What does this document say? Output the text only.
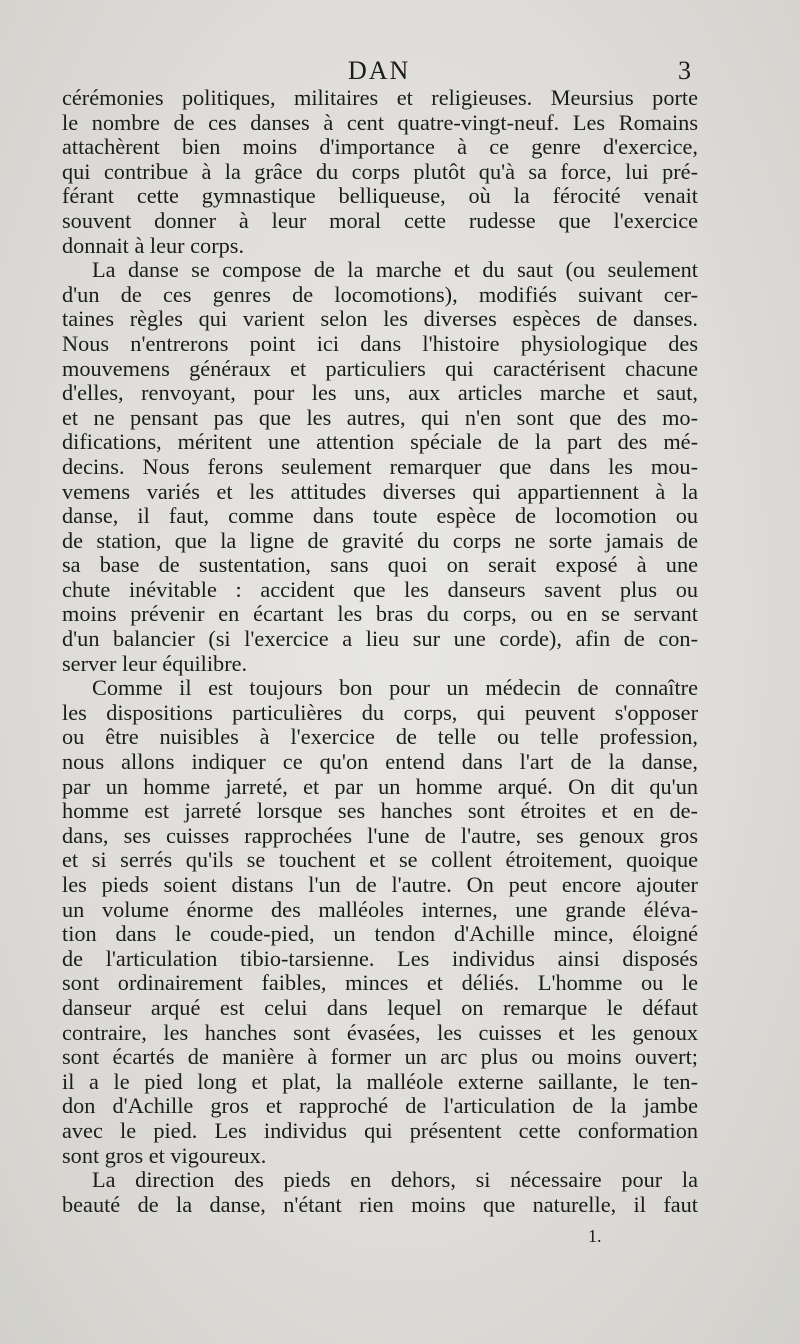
DAN	3
cérémonies politiques, militaires et religieuses. Meursius porte
le nombre de ces danses à cent quatre-vingt-neuf. Les Romains
attachèrent bien moins d'importance à ce genre d'exercice,
qui contribue à la grâce du corps plutôt qu'à sa force, lui pré-
férant cette gymnastique belliqueuse, où la férocité venait
souvent donner à leur moral cette rudesse que l'exercice
donnait à leur corps.
La danse se compose de la marche et du saut (ou seulement
d'un de ces genres de locomotions), modifiés suivant cer-
taines règles qui varient selon les diverses espèces de danses.
Nous n'entrerons point ici dans l'histoire physiologique des
mouvemens généraux et particuliers qui caractérisent chacune
d'elles, renvoyant, pour les uns, aux articles marche et saut,
et ne pensant pas que les autres, qui n'en sont que des mo-
difications, méritent une attention spéciale de la part des mé-
decins. Nous ferons seulement remarquer que dans les mou-
vemens variés et les attitudes diverses qui appartiennent à la
danse, il faut, comme dans toute espèce de locomotion ou
de station, que la ligne de gravité du corps ne sorte jamais de
sa base de sustentation, sans quoi on serait exposé à une
chute inévitable : accident que les danseurs savent plus ou
moins prévenir en écartant les bras du corps, ou en se servant
d'un balancier (si l'exercice a lieu sur une corde), afin de con-
server leur équilibre.
Comme il est toujours bon pour un médecin de connaître
les dispositions particulières du corps, qui peuvent s'opposer
ou être nuisibles à l'exercice de telle ou telle profession,
nous allons indiquer ce qu'on entend dans l'art de la danse,
par un homme jarreté, et par un homme arqué. On dit qu'un
homme est jarreté lorsque ses hanches sont étroites et en de-
dans, ses cuisses rapprochées l'une de l'autre, ses genoux gros
et si serrés qu'ils se touchent et se collent étroitement, quoique
les pieds soient distans l'un de l'autre. On peut encore ajouter
un volume énorme des malléoles internes, une grande éléva-
tion dans le coude-pied, un tendon d'Achille mince, éloigné
de l'articulation tibio-tarsienne. Les individus ainsi disposés
sont ordinairement faibles, minces et déliés. L'homme ou le
danseur arqué est celui dans lequel on remarque le défaut
contraire, les hanches sont évasées, les cuisses et les genoux
sont écartés de manière à former un arc plus ou moins ouvert;
il a le pied long et plat, la malléole externe saillante, le ten-
don d'Achille gros et rapproché de l'articulation de la jambe
avec le pied. Les individus qui présentent cette conformation
sont gros et vigoureux.
La direction des pieds en dehors, si nécessaire pour la
beauté de la danse, n'étant rien moins que naturelle, il faut
1.
